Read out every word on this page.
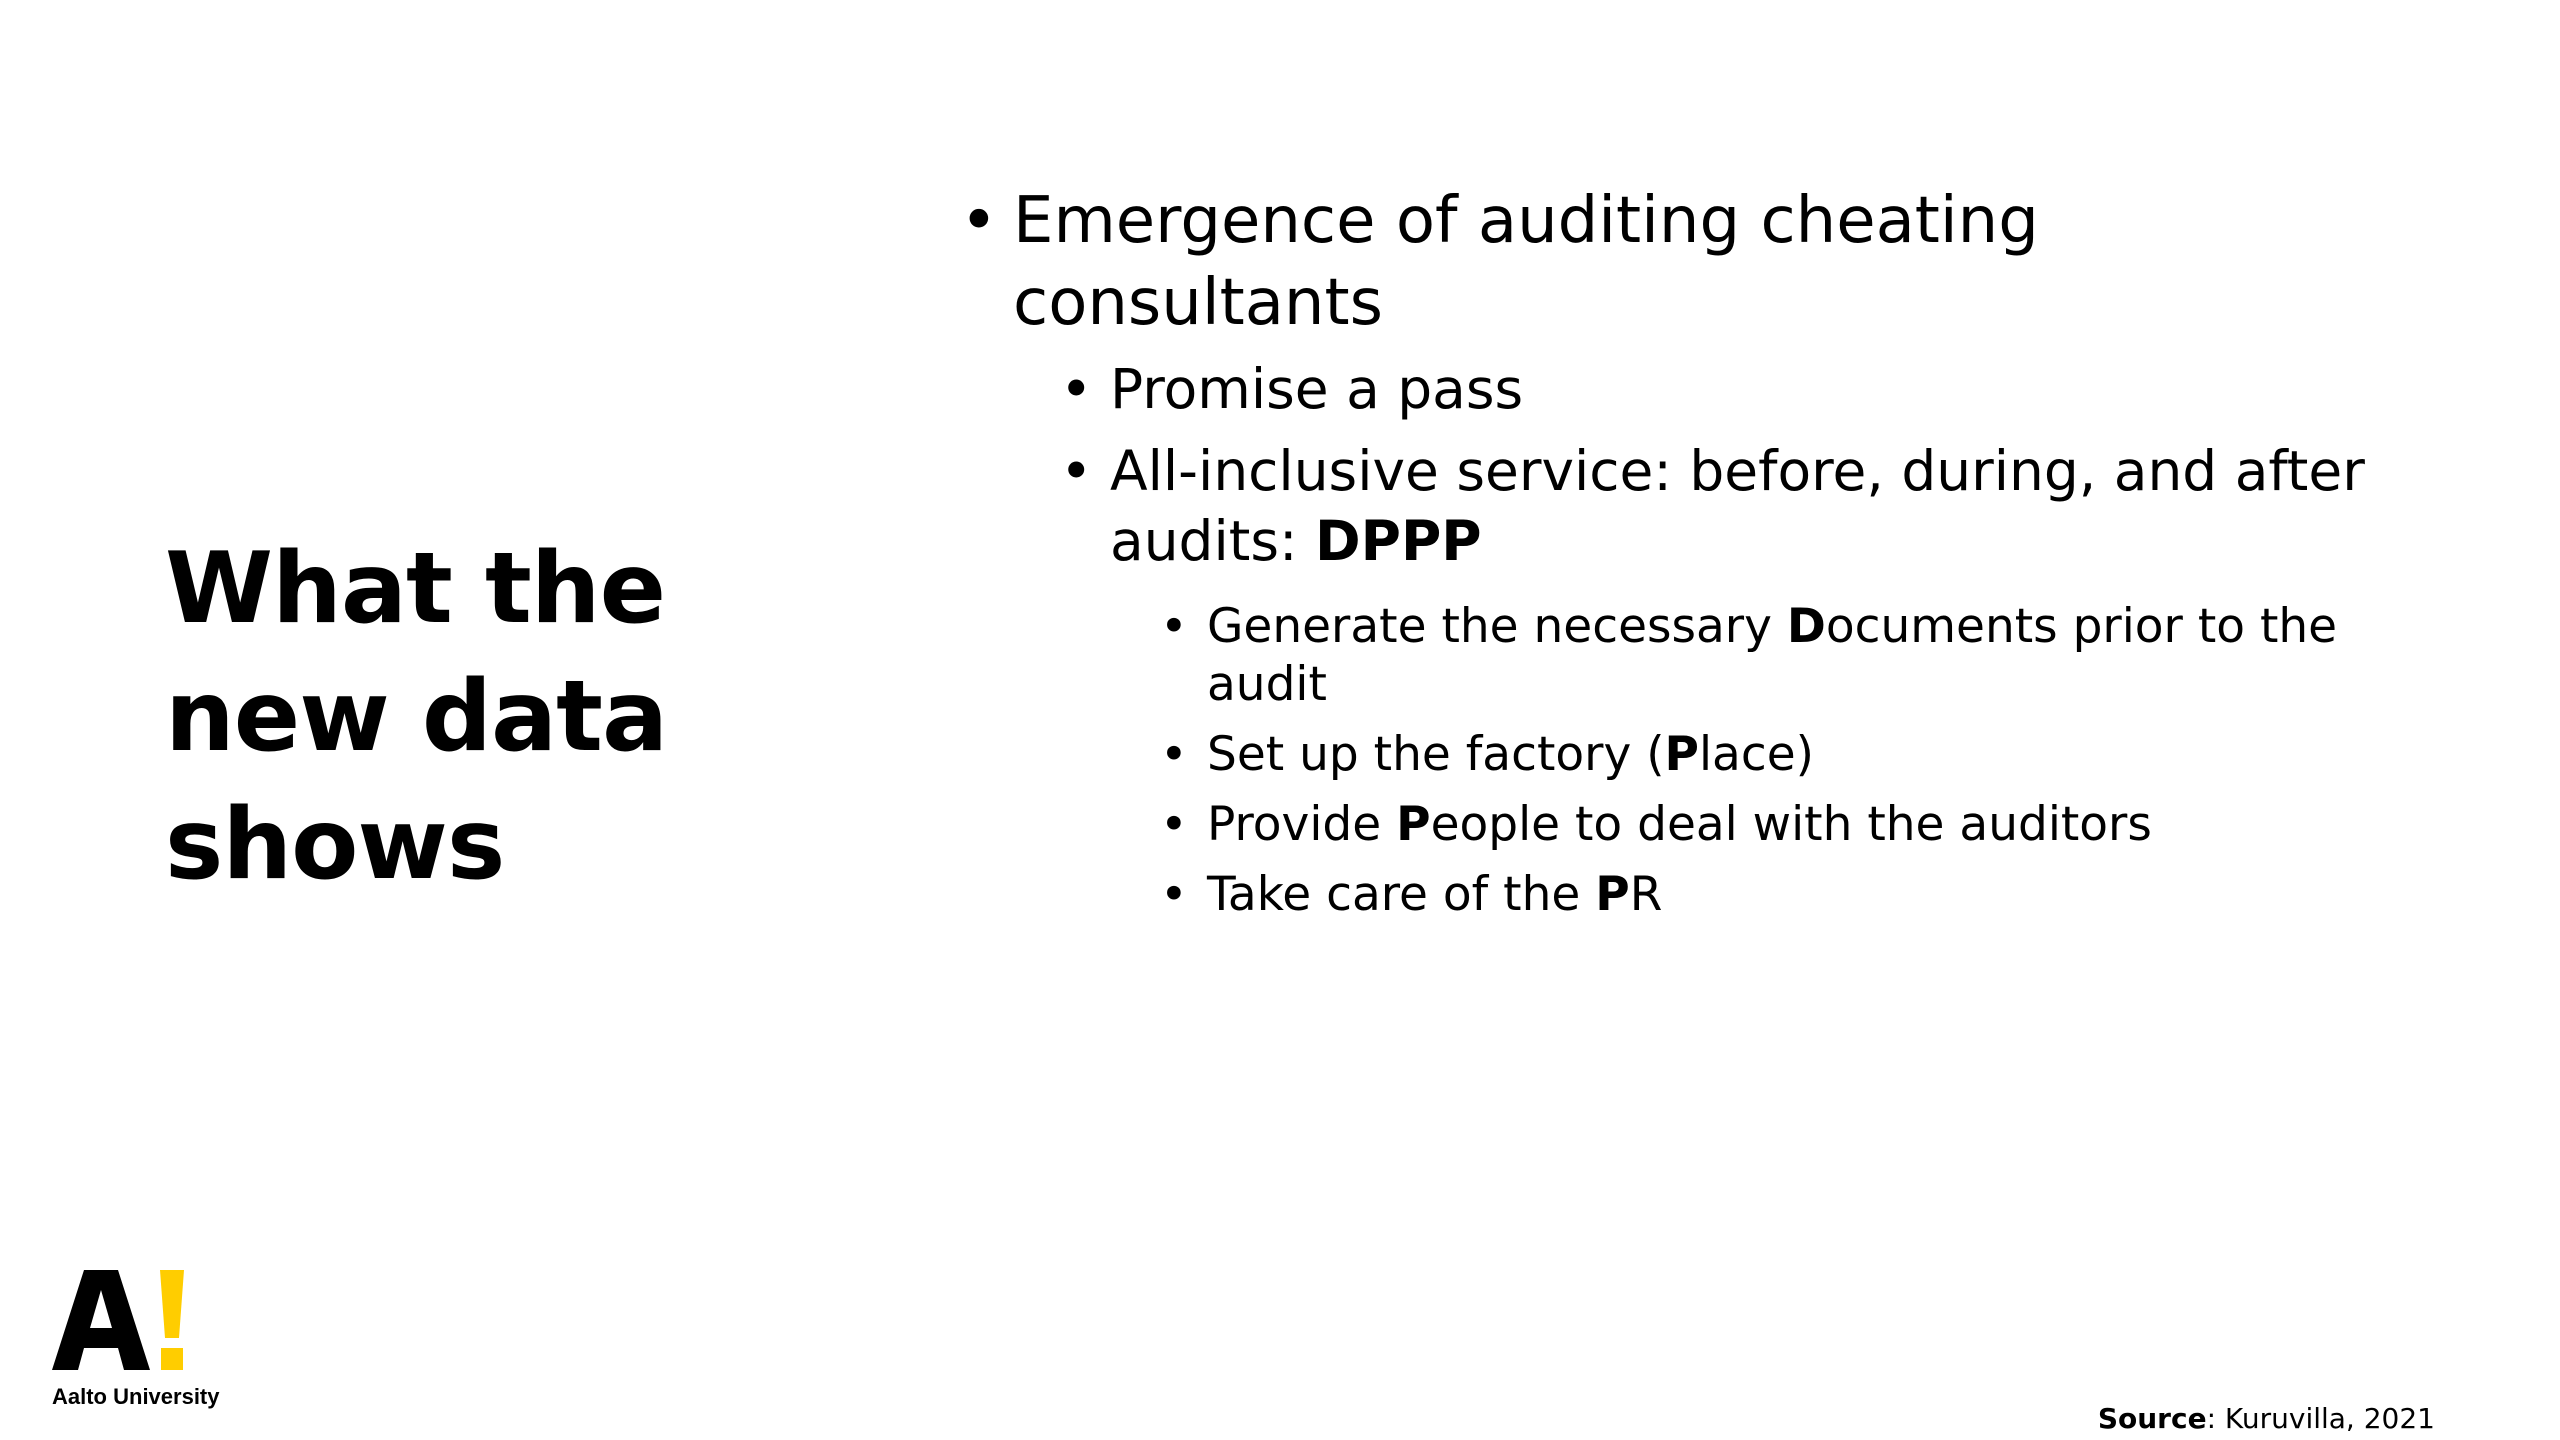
What the
new data
shows
• Emergence of auditing cheating consultants
• Promise a pass
• All-inclusive service: before, during, and after audits: DPPP
• Generate the necessary Documents prior to the audit
• Set up the factory (Place)
• Provide People to deal with the auditors
• Take care of the PR
Aalto University
Source: Kuruvilla, 2021
